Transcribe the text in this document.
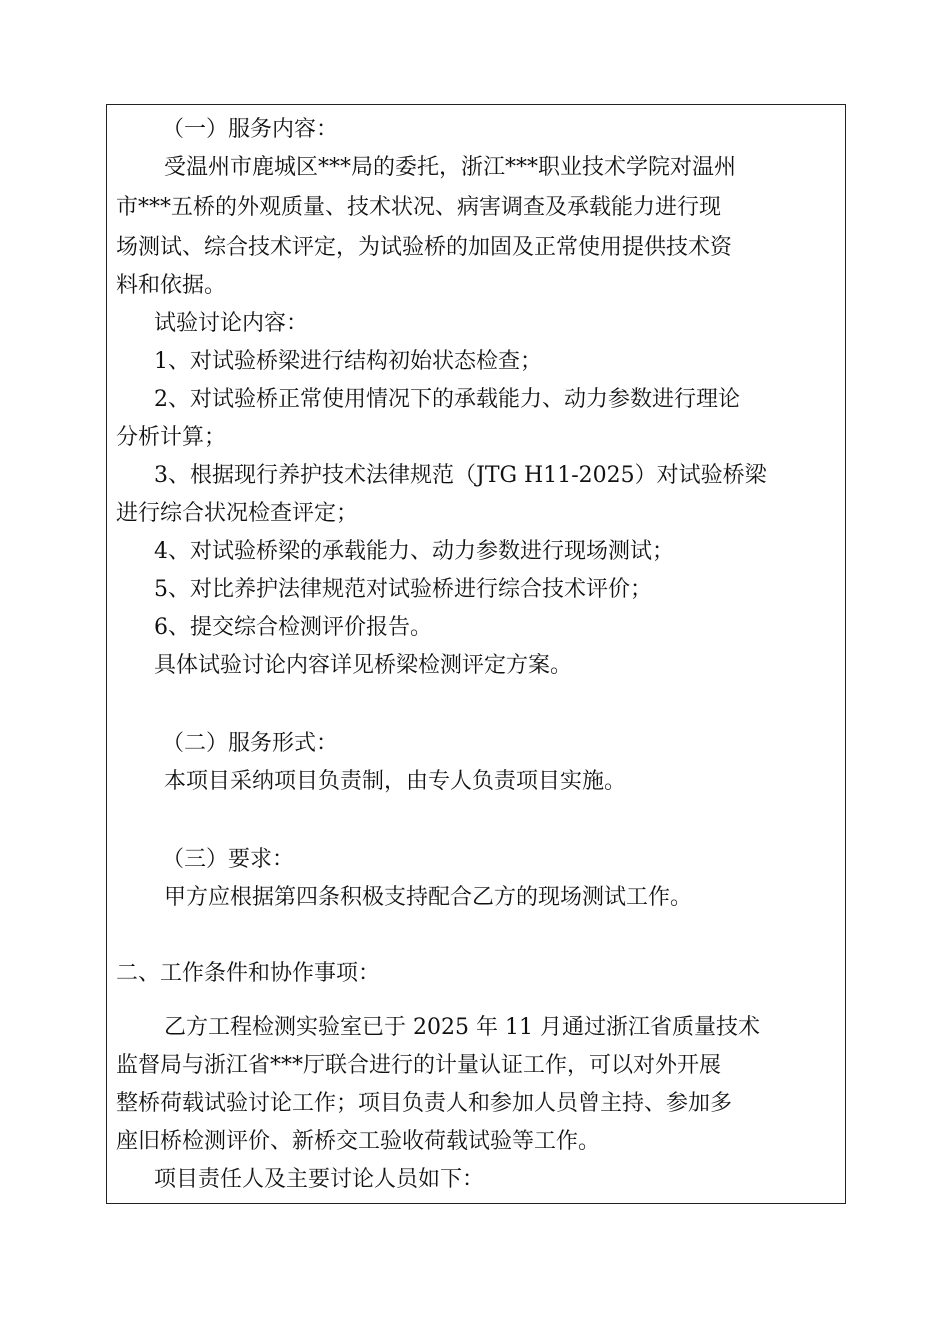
（一）服务内容：
受温州市鹿城区***局的委托，浙江***职业技术学院对温州
市***五桥的外观质量、技术状况、病害调查及承载能力进行现
场测试、综合技术评定，为试验桥的加固及正常使用提供技术资
料和依据。
试验讨论内容：
1、对试验桥梁进行结构初始状态检查；
2、对试验桥正常使用情况下的承载能力、动力参数进行理论
分析计算；
3、根据现行养护技术法律规范（JTG H11-2025）对试验桥梁
进行综合状况检查评定；
4、对试验桥梁的承载能力、动力参数进行现场测试；
5、对比养护法律规范对试验桥进行综合技术评价；
6、提交综合检测评价报告。
具体试验讨论内容详见桥梁检测评定方案。
（二）服务形式：
本项目采纳项目负责制，由专人负责项目实施。
（三）要求：
甲方应根据第四条积极支持配合乙方的现场测试工作。
二、工作条件和协作事项：
乙方工程检测实验室已于 2025 年 11 月通过浙江省质量技术
监督局与浙江省***厅联合进行的计量认证工作，可以对外开展
整桥荷载试验讨论工作；项目负责人和参加人员曾主持、参加多
座旧桥检测评价、新桥交工验收荷载试验等工作。
项目责任人及主要讨论人员如下：
